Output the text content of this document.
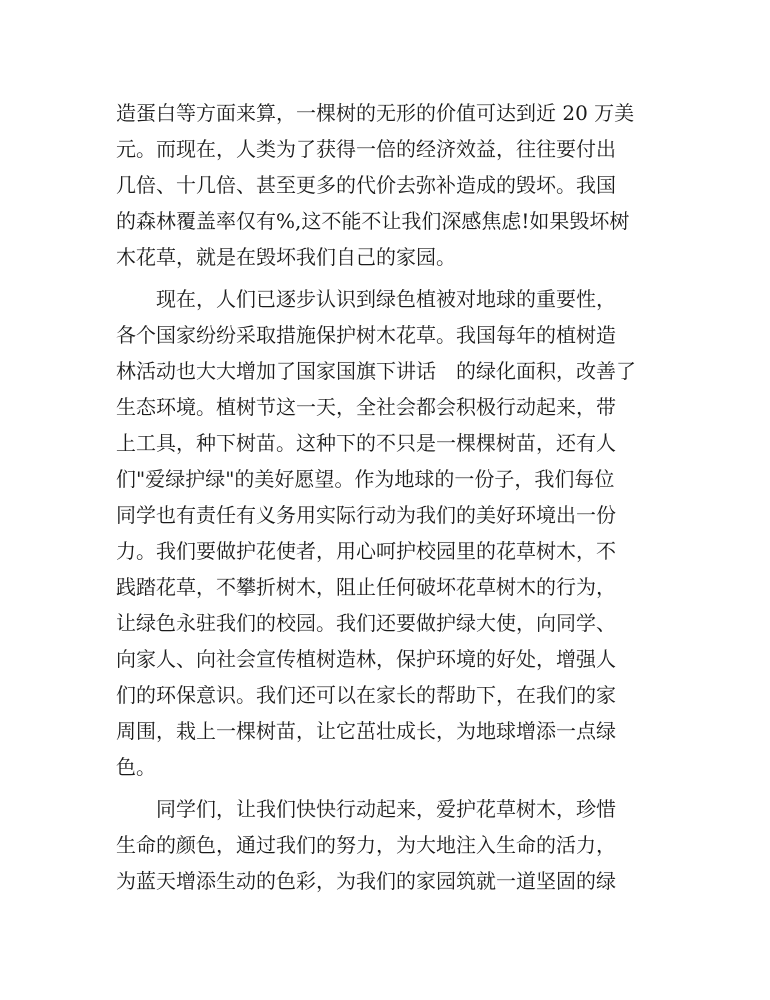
造蛋白等方面来算，一棵树的无形的价值可达到近 20 万美
元。而现在，人类为了获得一倍的经济效益，往往要付出
几倍、十几倍、甚至更多的代价去弥补造成的毁坏。我国
的森林覆盖率仅有%,这不能不让我们深感焦虑!如果毁坏树
木花草，就是在毁坏我们自己的家园。
　　现在，人们已逐步认识到绿色植被对地球的重要性，
各个国家纷纷采取措施保护树木花草。我国每年的植树造
林活动也大大增加了国家国旗下讲话　的绿化面积，改善了
生态环境。植树节这一天，全社会都会积极行动起来，带
上工具，种下树苗。这种下的不只是一棵棵树苗，还有人
们"爱绿护绿"的美好愿望。作为地球的一份子，我们每位
同学也有责任有义务用实际行动为我们的美好环境出一份
力。我们要做护花使者，用心呵护校园里的花草树木，不
践踏花草，不攀折树木，阻止任何破坏花草树木的行为，
让绿色永驻我们的校园。我们还要做护绿大使，向同学、
向家人、向社会宣传植树造林，保护环境的好处，增强人
们的环保意识。我们还可以在家长的帮助下，在我们的家
周围，栽上一棵树苗，让它茁壮成长，为地球增添一点绿
色。
　　同学们，让我们快快行动起来，爱护花草树木，珍惜
生命的颜色，通过我们的努力，为大地注入生命的活力，
为蓝天增添生动的色彩，为我们的家园筑就一道坚固的绿
